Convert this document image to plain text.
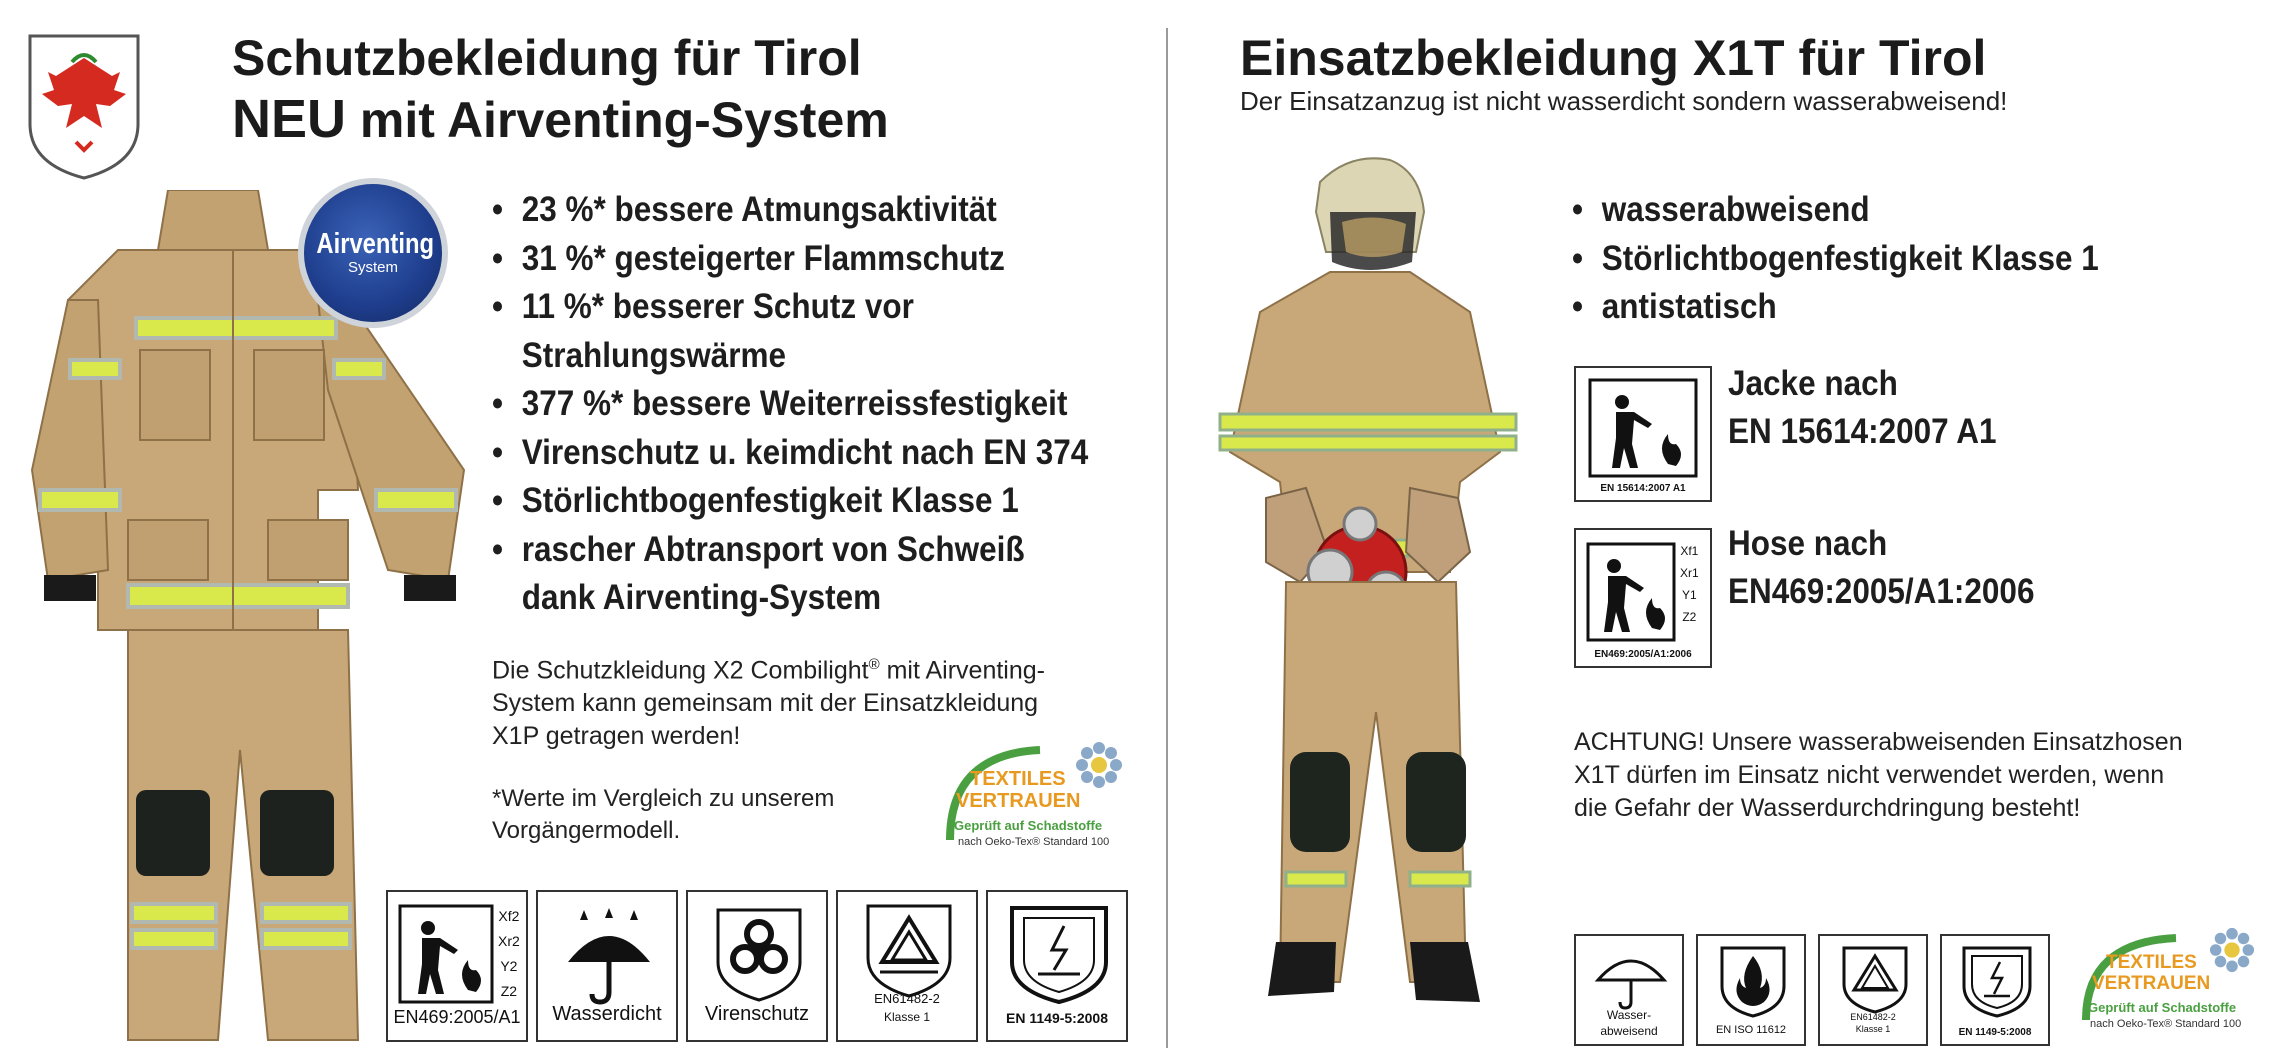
Schutzbekleidung für Tirol
NEU mit Airventing-System
Airventing
System
• 23 %* bessere Atmungsaktivität
• 31 %* gesteigerter Flammschutz
• 11 %* besserer Schutz vor
Strahlungswärme
• 377 %* bessere Weiterreissfestigkeit
• Virenschutz u. keimdicht nach EN 374
• Störlichtbogenfestigkeit Klasse 1
• rascher Abtransport von Schweiß
dank Airventing-System
Die Schutzkleidung X2 Combilight® mit Airventing-
System kann gemeinsam mit der Einsatzkleidung
X1P getragen werden!
*Werte im Vergleich zu unserem
Vorgängermodell.
TEXTILES
VERTRAUEN
Geprüft auf Schadstoffe
nach Oeko-Tex® Standard 100
Xf2
Xr2
Y2
Z2
EN469:2005/A1	Wasserdicht	Virenschutz
EN61482-2
Klasse 1	EN 1149-5:2008
Einsatzbekleidung X1T für Tirol
Der Einsatzanzug ist nicht wasserdicht sondern wasserabweisend!
• wasserabweisend
• Störlichtbogenfestigkeit Klasse 1
• antistatisch
EN 15614:2007 A1
Jacke nach
EN 15614:2007 A1
Xf1
Xr1
Y1
Z2
EN469:2005/A1:2006
Hose nach
EN469:2005/A1:2006
ACHTUNG! Unsere wasserabweisenden Einsatzhosen
X1T dürfen im Einsatz nicht verwendet werden, wenn
die Gefahr der Wasserdurchdringung besteht!
Wasser-
abweisend	EN ISO 11612
EN61482-2
Klasse 1	EN 1149-5:2008
TEXTILES
VERTRAUEN
Geprüft auf Schadstoffe
nach Oeko-Tex® Standard 100
